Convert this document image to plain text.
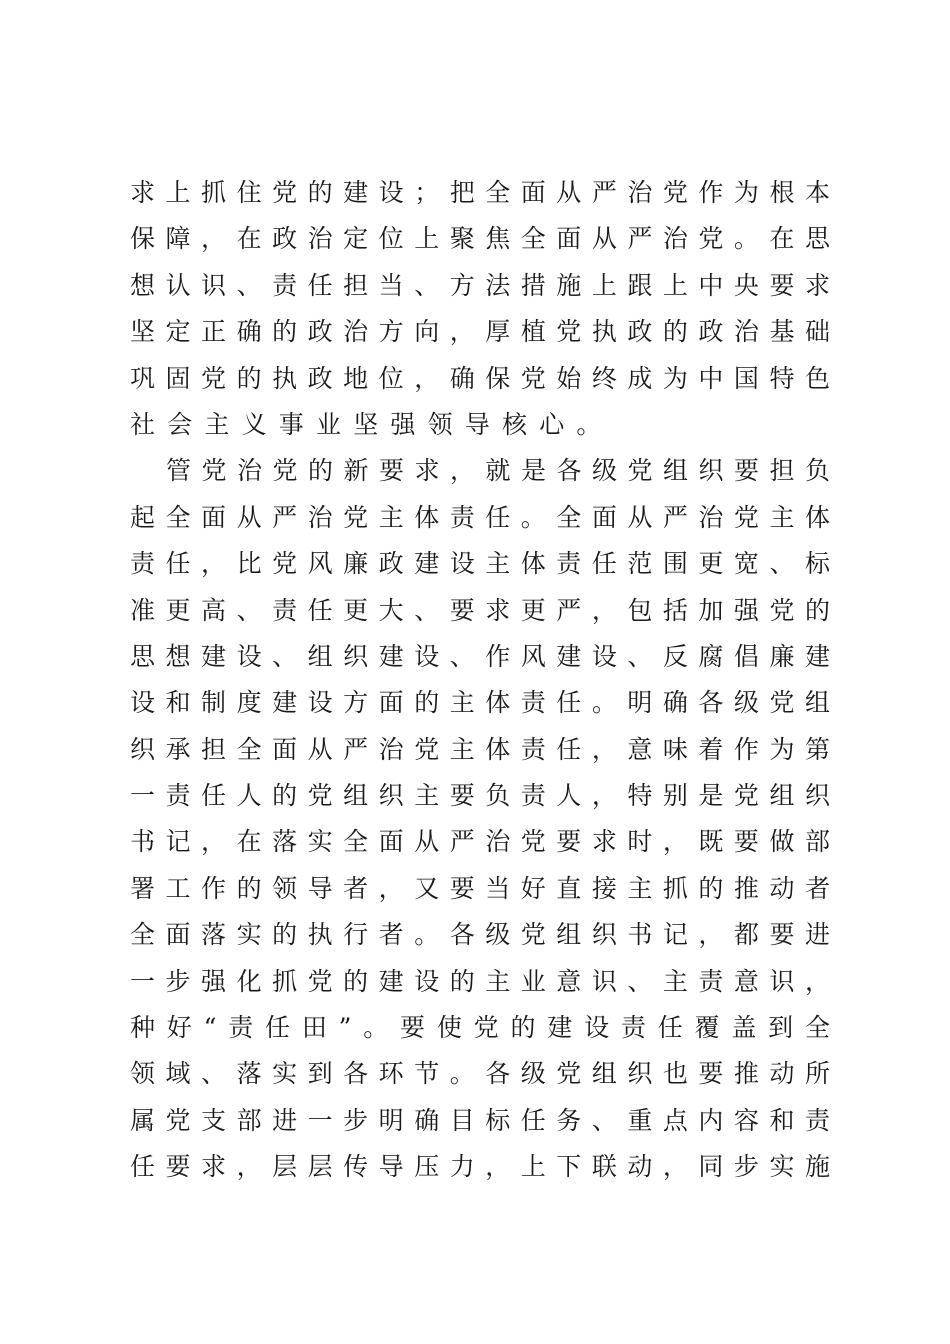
求上抓住党的建设；把全面从严治党作为根本
保障，在政治定位上聚焦全面从严治党。在思
想认识、责任担当、方法措施上跟上中央要求
坚定正确的政治方向，厚植党执政的政治基础
巩固党的执政地位，确保党始终成为中国特色
社会主义事业坚强领导核心。
管党治党的新要求，就是各级党组织要担负
起全面从严治党主体责任。全面从严治党主体
责任，比党风廉政建设主体责任范围更宽、标
准更高、责任更大、要求更严，包括加强党的
思想建设、组织建设、作风建设、反腐倡廉建
设和制度建设方面的主体责任。明确各级党组
织承担全面从严治党主体责任，意味着作为第
一责任人的党组织主要负责人，特别是党组织
书记，在落实全面从严治党要求时，既要做部
署工作的领导者，又要当好直接主抓的推动者
全面落实的执行者。各级党组织书记，都要进
一步强化抓党的建设的主业意识、主责意识，
种好“责任田”。要使党的建设责任覆盖到全
领域、落实到各环节。各级党组织也要推动所
属党支部进一步明确目标任务、重点内容和责
任要求，层层传导压力，上下联动，同步实施
